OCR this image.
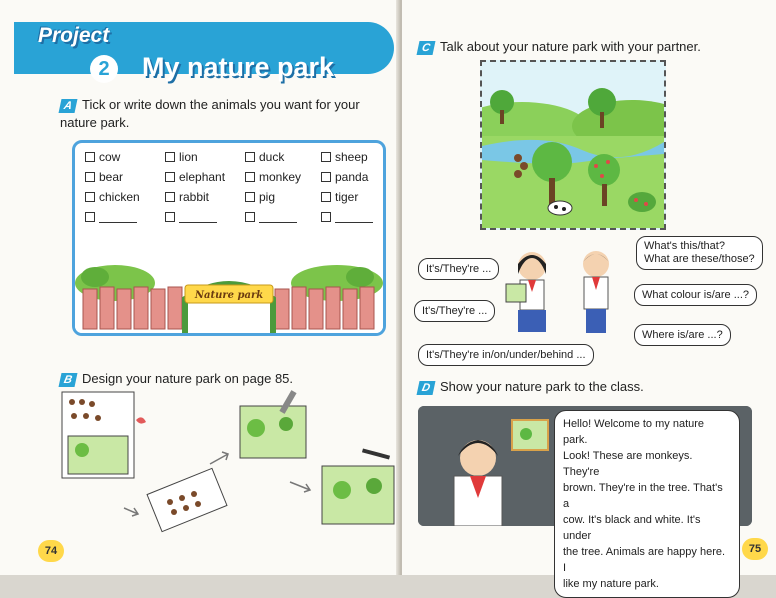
Project
2	My nature park
A Tick or write down the animals you want for your nature park.
cow	lion	duck	sheep
bear	elephant	monkey	panda
chicken	rabbit	pig	tiger
Nature park
B Design your nature park on page 85.
74
C Talk about your nature park with your partner.
What's this/that?
What are these/those?
It's/They're ...
What colour is/are ...?
It's/They're ...
Where is/are ...?
It's/They're in/on/under/behind ...
D Show your nature park to the class.
Hello! Welcome to my nature park.
Look! These are monkeys. They're
brown. They're in the tree. That's a
cow. It's black and white. It's under
the tree. Animals are happy here. I
like my nature park.
75
